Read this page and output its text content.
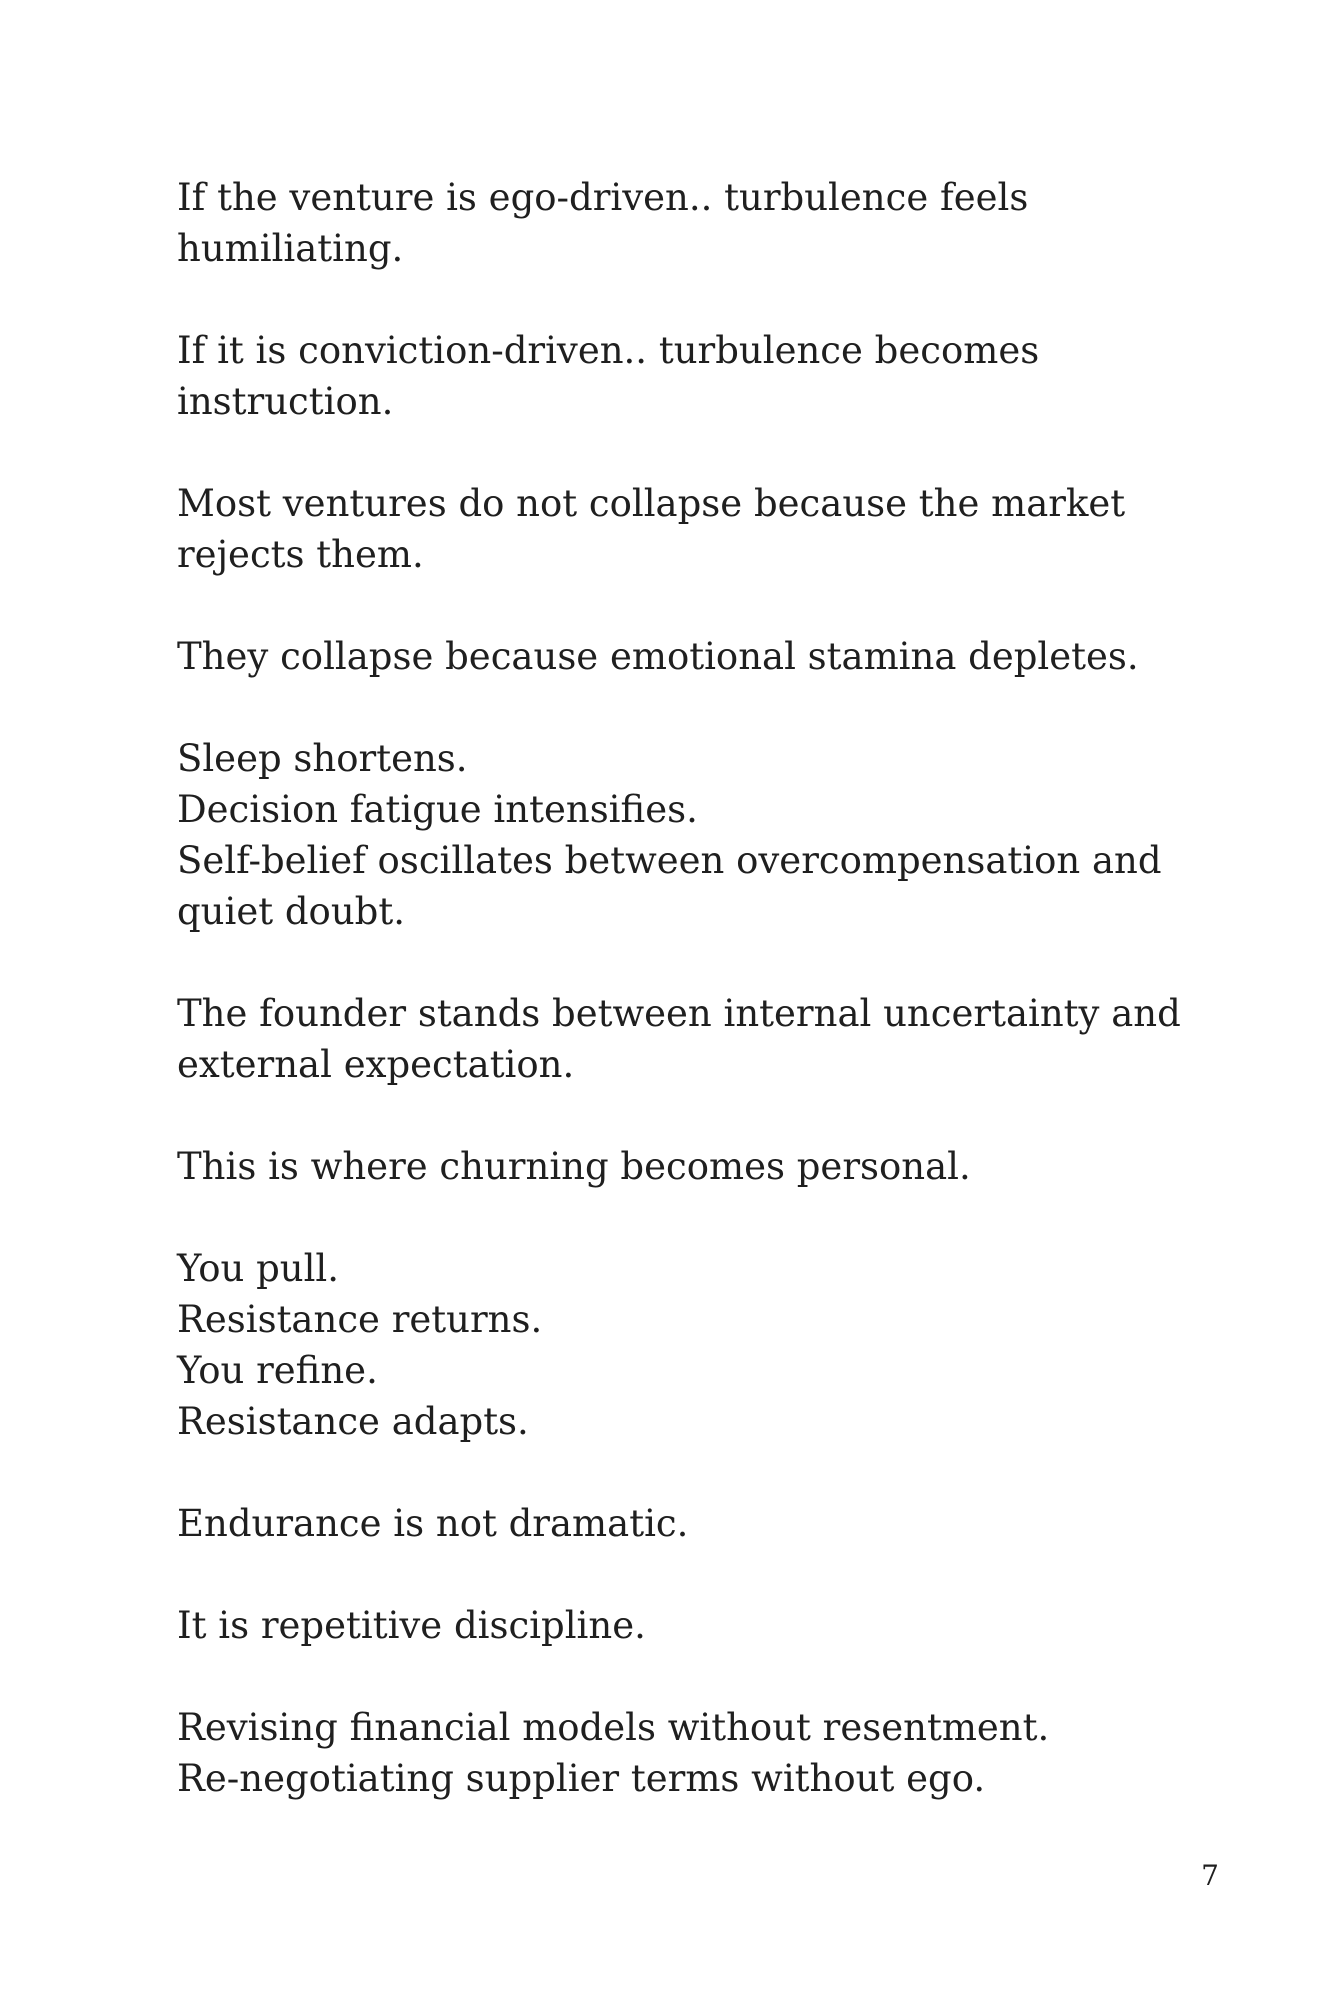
If the venture is ego-driven.. turbulence feels
humiliating.

If it is conviction-driven.. turbulence becomes
instruction.

Most ventures do not collapse because the market
rejects them.

They collapse because emotional stamina depletes.

Sleep shortens.
Decision fatigue intensifies.
Self-belief oscillates between overcompensation and
quiet doubt.

The founder stands between internal uncertainty and
external expectation.

This is where churning becomes personal.

You pull.
Resistance returns.
You refine.
Resistance adapts.

Endurance is not dramatic.

It is repetitive discipline.

Revising financial models without resentment.
Re-negotiating supplier terms without ego.

7
